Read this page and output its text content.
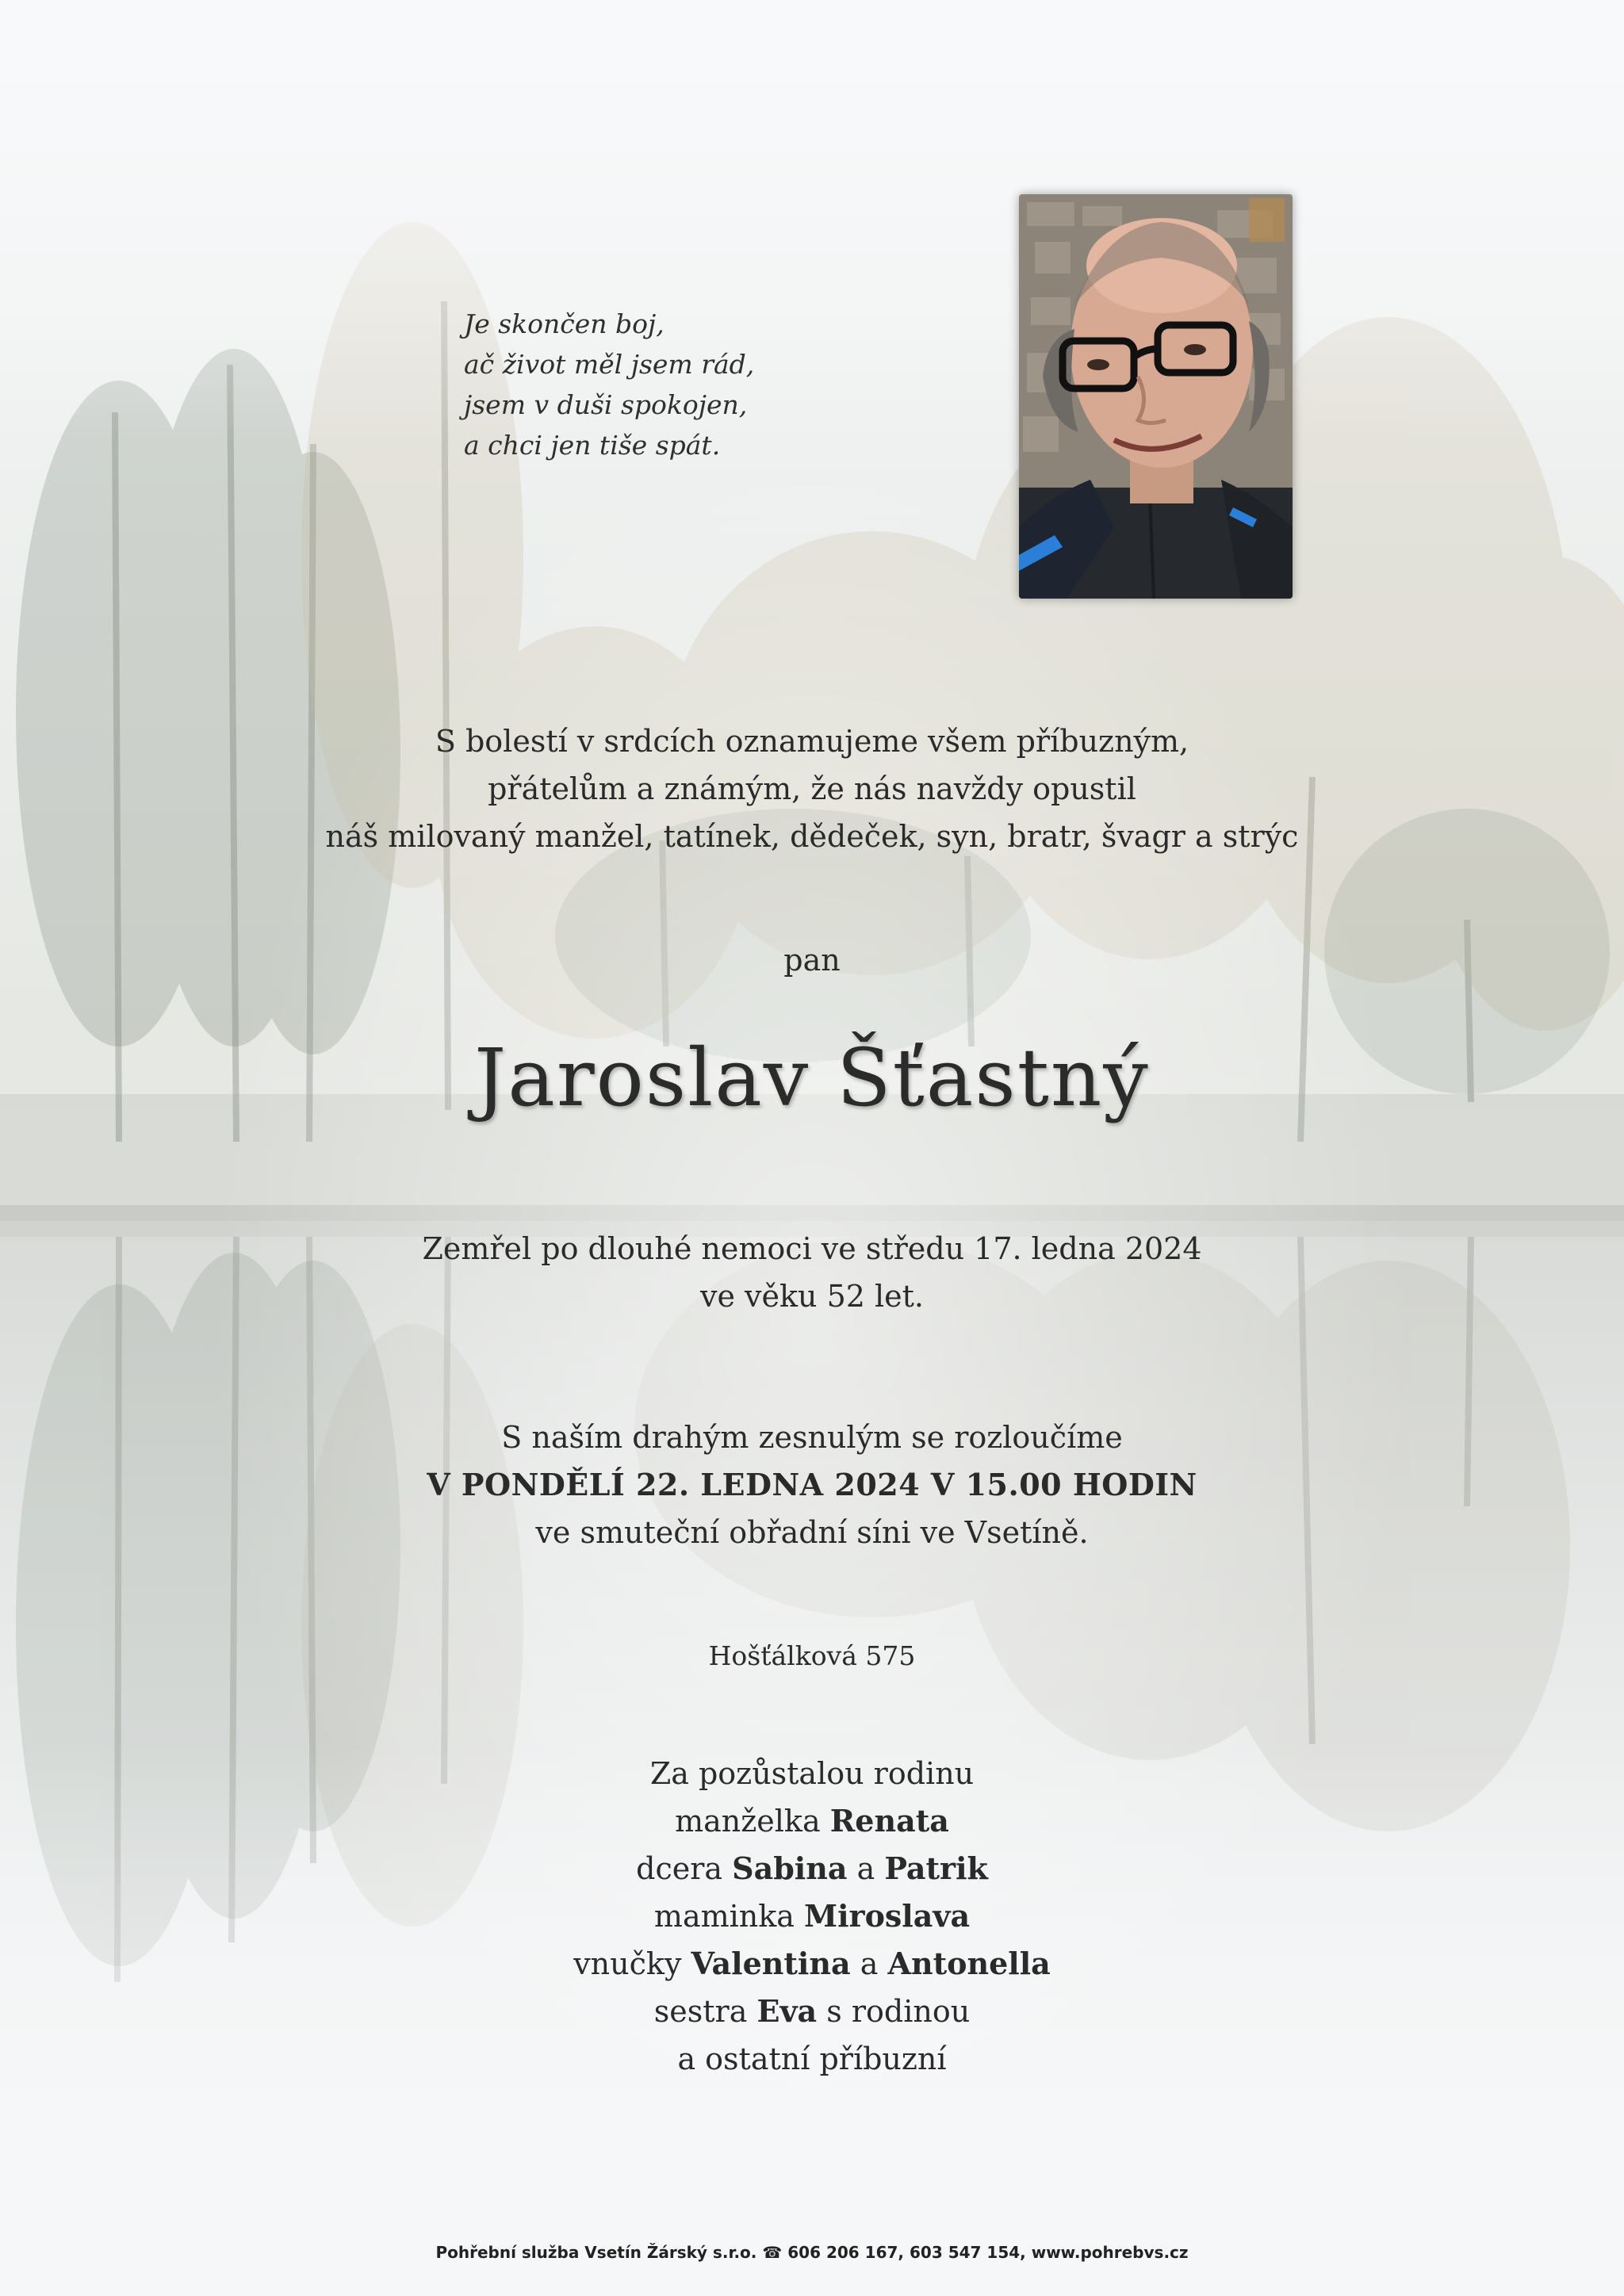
Je skončen boj,
ač život měl jsem rád,
jsem v duši spokojen,
a chci jen tiše spát.
S bolestí v srdcích oznamujeme všem příbuzným,
přátelům a známým, že nás navždy opustil
náš milovaný manžel, tatínek, dědeček, syn, bratr, švagr a strýc
pan
Jaroslav Šťastný
Zemřel po dlouhé nemoci ve středu 17. ledna 2024
ve věku 52 let.
S naším drahým zesnulým se rozloučíme
V PONDĚLÍ 22. LEDNA 2024 V 15.00 HODIN
ve smuteční obřadní síni ve Vsetíně.
Hošťálková 575
Za pozůstalou rodinu
manželka Renata
dcera Sabina a Patrik
maminka Miroslava
vnučky Valentina a Antonella
sestra Eva s rodinou
a ostatní příbuzní
Pohřební služba Vsetín Žárský s.r.o. ☎ 606 206 167, 603 547 154, www.pohrebvs.cz
